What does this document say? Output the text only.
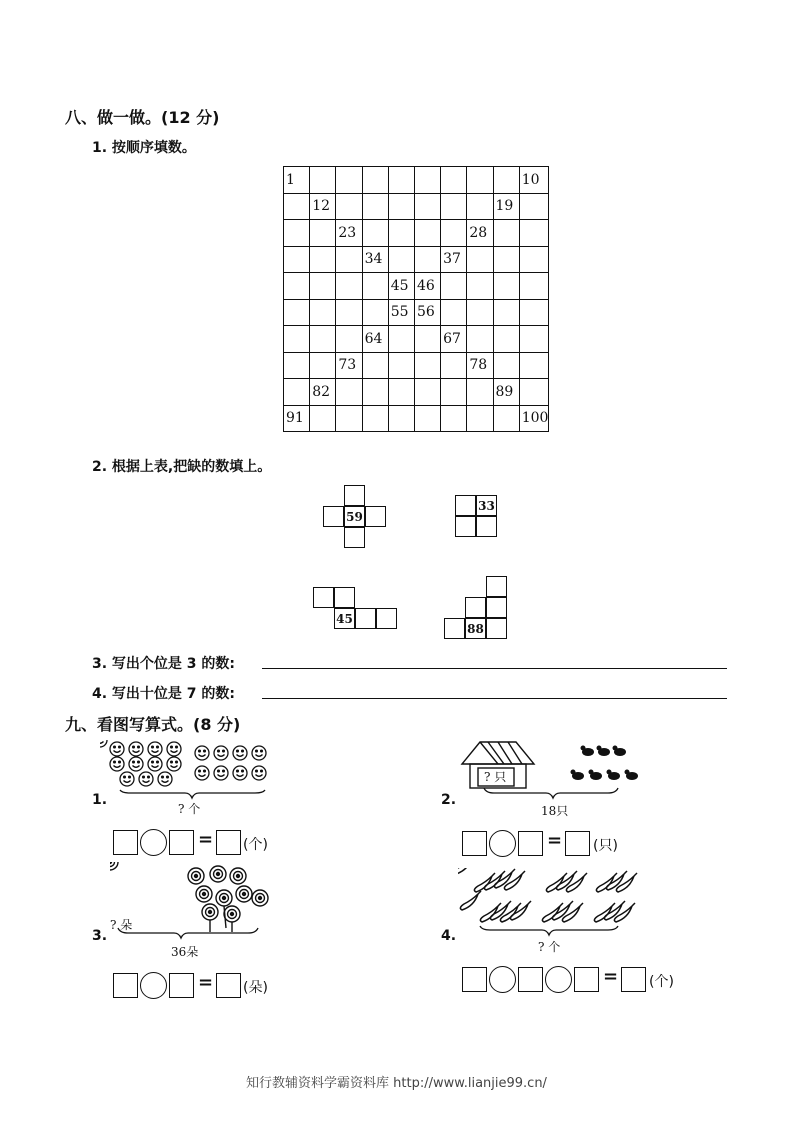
八、做一做。(12 分)
1. 按顺序填数。
1									10
	12							19	
		23					28		
			34			37			
				45	46				
				55	56				
			64			67			
		73					78		
	82							89	
91									100
2. 根据上表,把缺的数填上。
59
33
45
88
3. 写出个位是 3 的数:
4. 写出十位是 7 的数:
九、看图写算式。(8 分)
1.
? 个
= (个)
? 只
2.
18只
= (只)
? 朵
3.
36朵
= (朵)
4.
? 个
= (个)
知行教辅资料学霸资料库 http://www.lianjie99.cn/
